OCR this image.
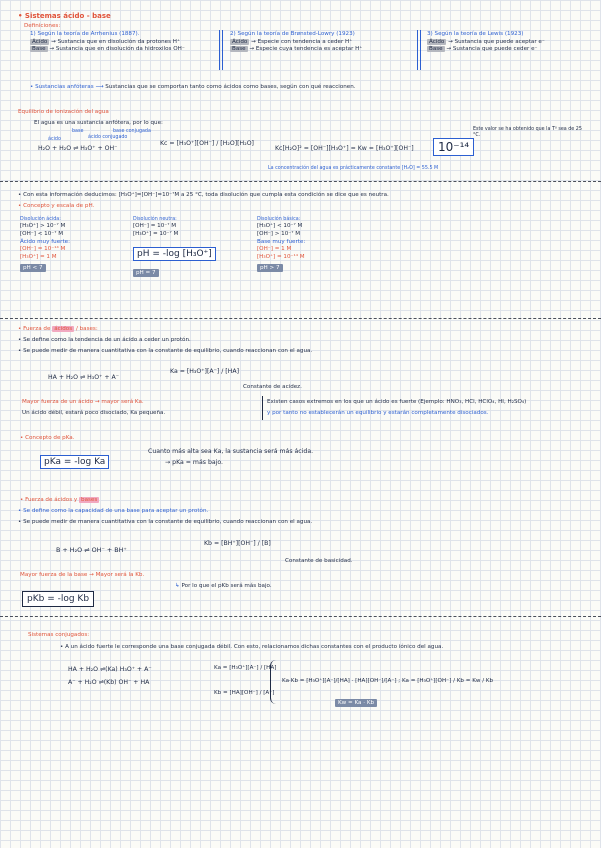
• Sistemas ácido - base
Definiciones:
1) Según la teoría de Arrhenius (1887).
Ácido → Sustancia que en disolución da protones H⁺
Base → Sustancia que en disolución da hidroxilos OH⁻
2) Según la teoría de Brønsted-Lowry (1923)
Ácido → Especie con tendencia a ceder H⁺
Base → Especie cuya tendencia es aceptar H⁺
3) Según la teoría de Lewis (1923)
Ácido → Sustancia que puede aceptar e⁻
Base → Sustancia que puede ceder e⁻
• Sustancias anfóteras ⟶ Sustancias que se comportan tanto como ácidos como bases, según con qué reaccionen.
Equilibrio de ionización del agua
El agua es una sustancia anfótera, por lo que:
ácido
base
ácido conjugado
base conjugada
H₂O + H₂O ⇌ H₃O⁺ + OH⁻
Kc = [H₃O⁺][OH⁻] / [H₂O][H₂O]
Kc[H₂O]² = [OH⁻][H₃O⁺] = Kw = [H₃O⁺][OH⁻]	10⁻¹⁴
Este valor se ha obtenido que la T⁰ sea de 25 °C.
La concentración del agua es prácticamente constante [H₂O] = 55.5 M
• Con esta información deducimos: [H₃O⁺]=[OH⁻]=10⁻⁷M a 25 °C, toda disolución que cumpla esta condición se dice que es neutra.
• Concepto y escala de pH.
Disolución ácida:
[H₃O⁺] > 10⁻⁷ M
[OH⁻] < 10⁻⁷ M
Ácido muy fuerte:
[OH⁻] = 10⁻¹⁴ M
[H₃O⁺] = 1 M
pH < 7
Disolución neutra:
[OH⁻] = 10⁻⁷ M
[H₃O⁺] = 10⁻⁷ M
pH = -log [H₃O⁺]
pH = 7
Disolución básica:
[H₃O⁺] < 10⁻⁷ M
[OH⁻] > 10⁻⁷ M
Base muy fuerte:
[OH⁻] = 1 M
[H₃O⁺] = 10⁻¹⁴ M
pH > 7
• Fuerza de ácidos / bases:
• Se define como la tendencia de un ácido a ceder un protón.
• Se puede medir de manera cuantitativa con la constante de equilibrio, cuando reaccionan con el agua.
HA + H₂O ⇌ H₃O⁺ + A⁻
Ka = [H₃O⁺][A⁻] / [HA]
Constante de acidez.
Mayor fuerza de un ácido → mayor será Ka.
Un ácido débil, estará poco disociado, Ka pequeña.
Existen casos extremos en los que un ácido es fuerte (Ejemplo: HNO₃, HCl, HClO₄, HI, H₂SO₄)
y por tanto no establecerán un equilibrio y estarán completamente disociados.
• Concepto de pKa.
pKa = -log Ka
Cuanto más alta sea Ka, la sustancia será más ácida.
→ pKa = más bajo.
• Fuerza de ácidos y bases
• Se define como la capacidad de una base para aceptar un protón.
• Se puede medir de manera cuantitativa con la constante de equilibrio, cuando reaccionan con el agua.
B + H₂O ⇌ OH⁻ + BH⁺
Kb = [BH⁺][OH⁻] / [B]
Constante de basicidad.
Mayor fuerza de la base → Mayor será la Kb.
↳ Por lo que el pKb será más bajo.
pKb = -log Kb
Sistemas conjugados:
• A un ácido fuerte le corresponde una base conjugada débil. Con esto, relacionamos dichas constantes con el producto iónico del agua.
HA + H₂O ⇌(Ka) H₃O⁺ + A⁻
A⁻ + H₂O ⇌(Kb) OH⁻ + HA
Ka = [H₃O⁺][A⁻] / [HA]
Kb = [HA][OH⁻] / [A⁻]
Ka·Kb = [H₃O⁺][A⁻]/[HA] · [HA][OH⁻]/[A⁻] ; Ka = [H₃O⁺][OH⁻] / Kb = Kw / Kb
Kw = Ka · Kb
